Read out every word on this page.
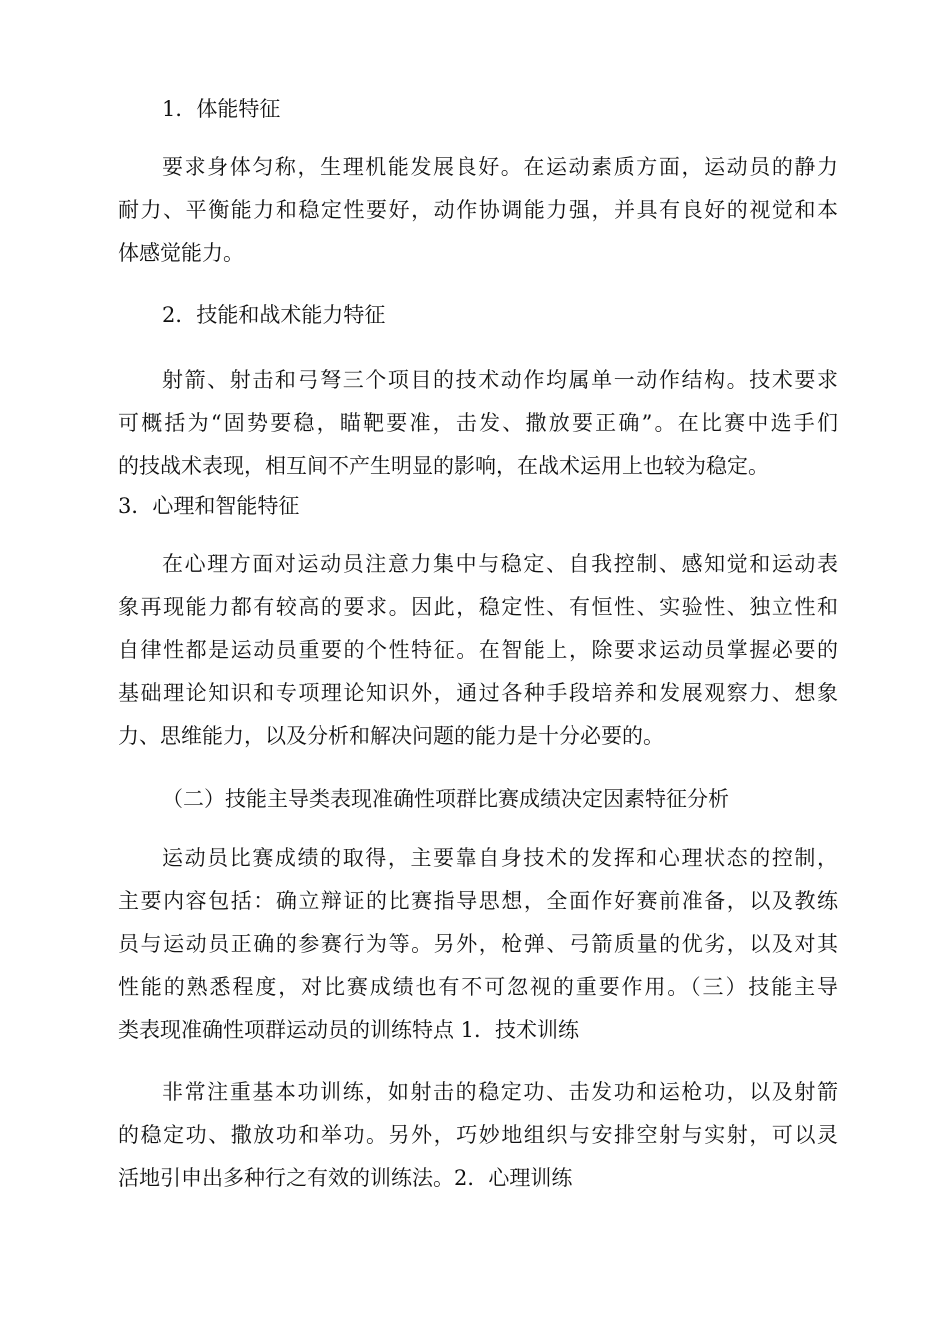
1．体能特征
要求身体匀称，生理机能发展良好。在运动素质方面，运动员的静力
耐力、平衡能力和稳定性要好，动作协调能力强，并具有良好的视觉和本
体感觉能力。
2．技能和战术能力特征
射箭、射击和弓弩三个项目的技术动作均属单一动作结构。技术要求
可概括为“固势要稳，瞄靶要准，击发、撒放要正确”。在比赛中选手们
的技战术表现，相互间不产生明显的影响，在战术运用上也较为稳定。
3．心理和智能特征
在心理方面对运动员注意力集中与稳定、自我控制、感知觉和运动表
象再现能力都有较高的要求。因此，稳定性、有恒性、实验性、独立性和
自律性都是运动员重要的个性特征。在智能上，除要求运动员掌握必要的
基础理论知识和专项理论知识外，通过各种手段培养和发展观察力、想象
力、思维能力，以及分析和解决问题的能力是十分必要的。
（二）技能主导类表现准确性项群比赛成绩决定因素特征分析
运动员比赛成绩的取得，主要靠自身技术的发挥和心理状态的控制，
主要内容包括：确立辩证的比赛指导思想，全面作好赛前准备，以及教练
员与运动员正确的参赛行为等。另外，枪弹、弓箭质量的优劣，以及对其
性能的熟悉程度，对比赛成绩也有不可忽视的重要作用。（三）技能主导
类表现准确性项群运动员的训练特点 1．技术训练
非常注重基本功训练，如射击的稳定功、击发功和运枪功，以及射箭
的稳定功、撒放功和举功。另外，巧妙地组织与安排空射与实射，可以灵
活地引申出多种行之有效的训练法。2．心理训练
